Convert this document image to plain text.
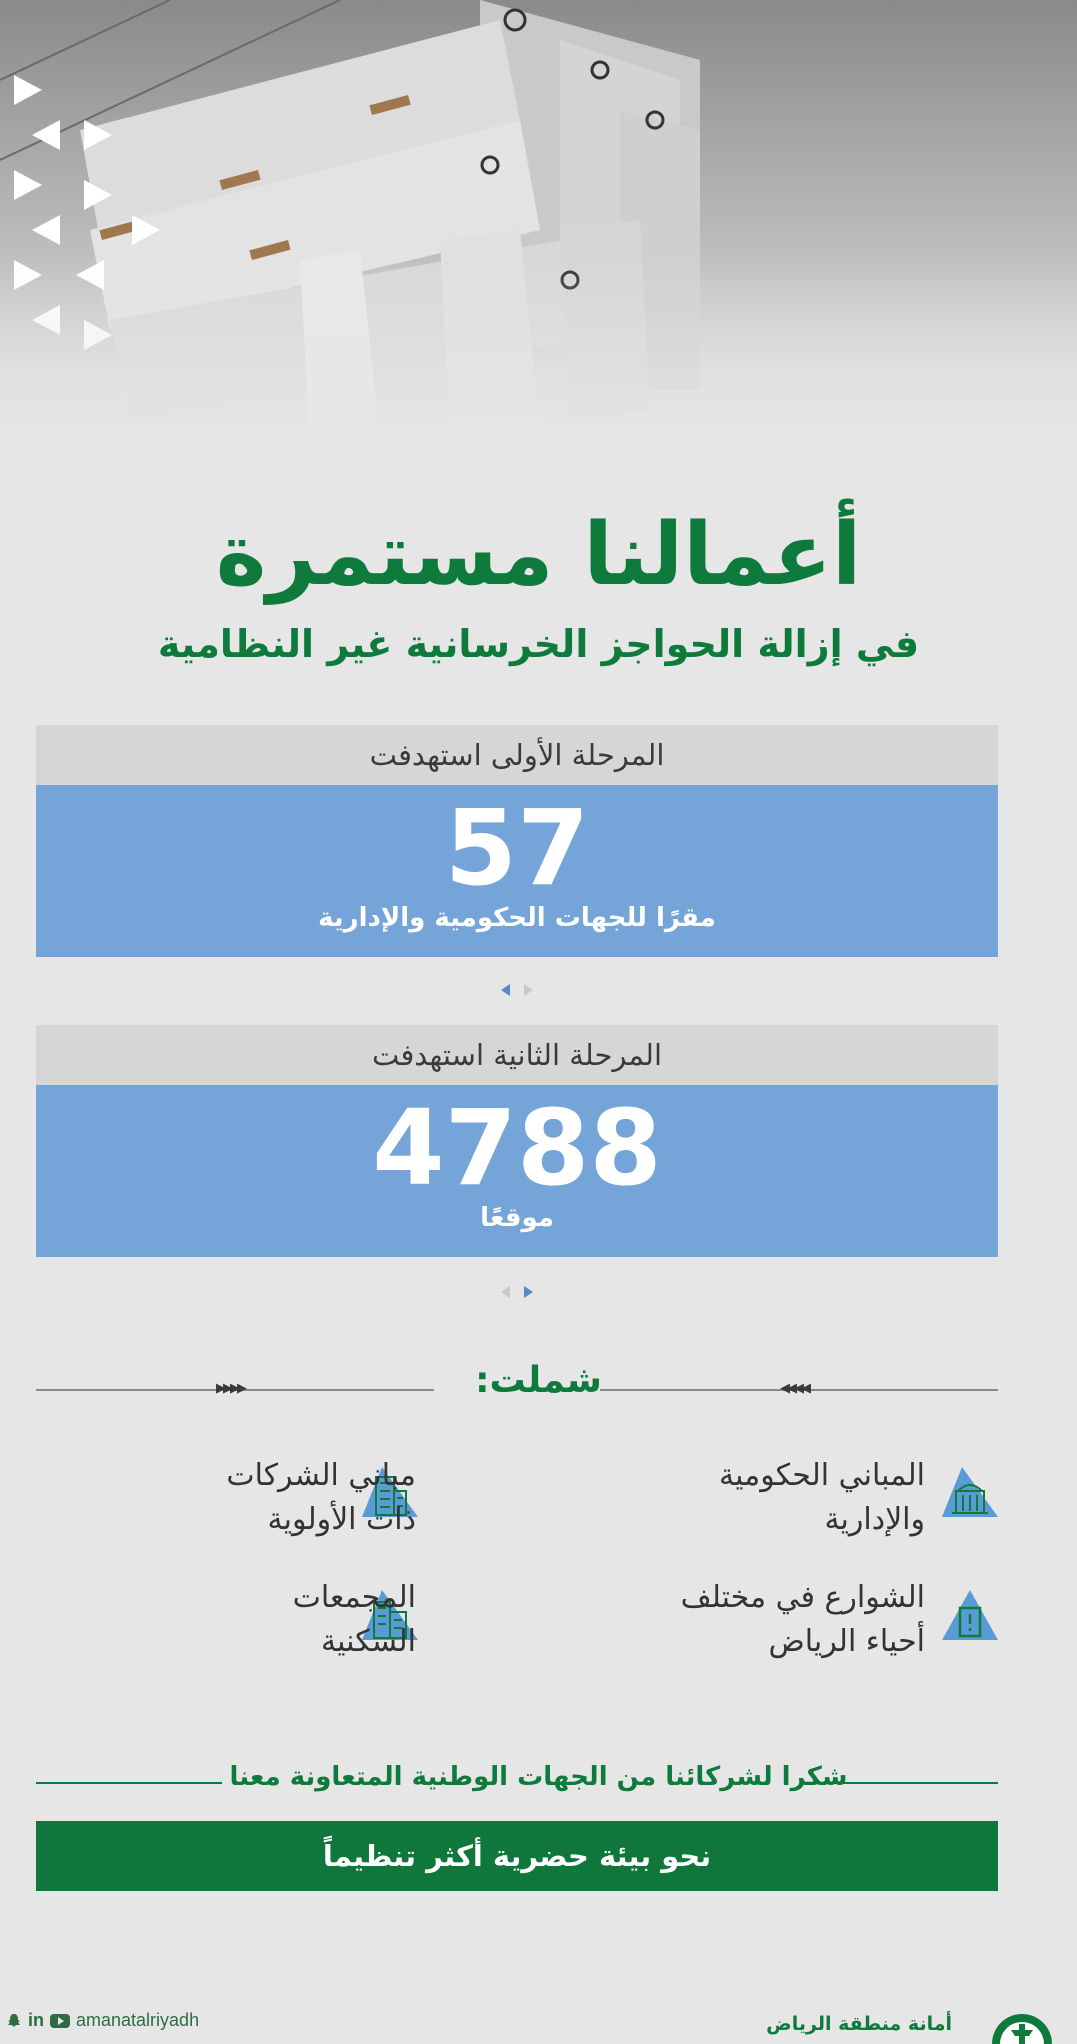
أعمالنا مستمرة
في إزالة الحواجز الخرسانية غير النظامية
المرحلة الأولى استهدفت
57
مقرًا للجهات الحكومية والإدارية
المرحلة الثانية استهدفت
4788
موقعًا
▶▶▶▶	◀◀◀◀
شملت:
المباني الحكومية
والإدارية
مباني الشركات
ذات الأولوية
الشوارع في مختلف
أحياء الرياض
المجمعات
السكنية
شكرا لشركائنا من الجهات الوطنية المتعاونة معنا
نحو بيئة حضرية أكثر تنظيماً
in amanatalriyadh	أمانة منطقة الرياض
